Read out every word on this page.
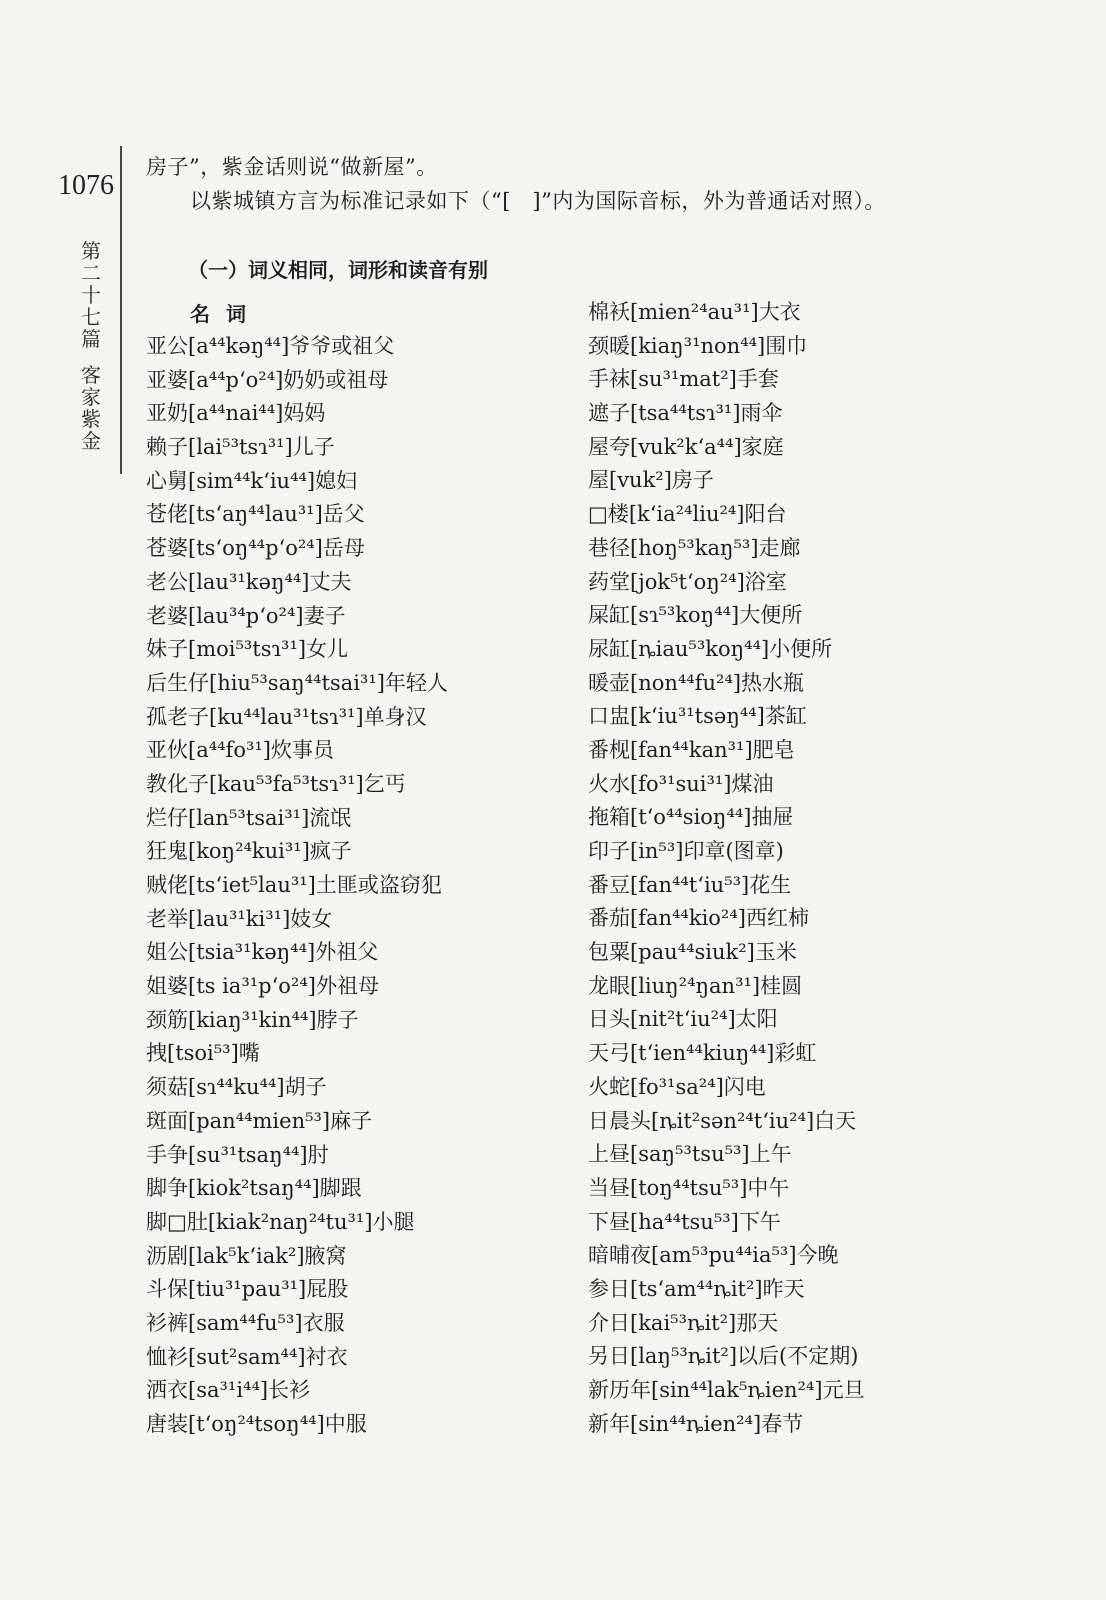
1076
第
二
十
七
篇
客
家
紫
金
房子”，紫金话则说“做新屋”。
以紫城镇方言为标准记录如下（“[　]”内为国际音标，外为普通话对照）。
（一）词义相同，词形和读音有别
名词
亚公[a⁴⁴kəŋ⁴⁴]爷爷或祖父
亚婆[a⁴⁴p‘o²⁴]奶奶或祖母
亚奶[a⁴⁴nai⁴⁴]妈妈
赖子[lai⁵³tsɿ³¹]儿子
心舅[sim⁴⁴k‘iu⁴⁴]媳妇
苍佬[ts‘aŋ⁴⁴lau³¹]岳父
苍婆[ts‘oŋ⁴⁴p‘o²⁴]岳母
老公[lau³¹kəŋ⁴⁴]丈夫
老婆[lau³⁴p‘o²⁴]妻子
妹子[moi⁵³tsɿ³¹]女儿
后生仔[hiu⁵³saŋ⁴⁴tsai³¹]年轻人
孤老子[ku⁴⁴lau³¹tsɿ³¹]单身汉
亚伙[a⁴⁴fo³¹]炊事员
教化子[kau⁵³fa⁵³tsɿ³¹]乞丐
烂仔[lan⁵³tsai³¹]流氓
狂鬼[koŋ²⁴kui³¹]疯子
贼佬[ts‘iet⁵lau³¹]土匪或盗窃犯
老举[lau³¹ki³¹]妓女
姐公[tsia³¹kəŋ⁴⁴]外祖父
姐婆[ts ia³¹p‘o²⁴]外祖母
颈筋[kiaŋ³¹kin⁴⁴]脖子
拽[tsoi⁵³]嘴
须菇[sɿ⁴⁴ku⁴⁴]胡子
斑面[pan⁴⁴mien⁵³]麻子
手争[su³¹tsaŋ⁴⁴]肘
脚争[kiok²tsaŋ⁴⁴]脚跟
脚□肚[kiak²naŋ²⁴tu³¹]小腿
沥剧[lak⁵k‘iak²]腋窝
斗保[tiu³¹pau³¹]屁股
衫裤[sam⁴⁴fu⁵³]衣服
恤衫[sut²sam⁴⁴]衬衣
洒衣[sa³¹i⁴⁴]长衫
唐装[t‘oŋ²⁴tsoŋ⁴⁴]中服
棉袄[mien²⁴au³¹]大衣
颈暖[kiaŋ³¹non⁴⁴]围巾
手袜[su³¹mat²]手套
遮子[tsa⁴⁴tsɿ³¹]雨伞
屋夸[vuk²k‘a⁴⁴]家庭
屋[vuk²]房子
□楼[k‘ia²⁴liu²⁴]阳台
巷径[hoŋ⁵³kaŋ⁵³]走廊
药堂[jok⁵t‘oŋ²⁴]浴室
屎缸[sɿ⁵³koŋ⁴⁴]大便所
尿缸[ȵiau⁵³koŋ⁴⁴]小便所
暖壶[non⁴⁴fu²⁴]热水瓶
口盅[k‘iu³¹tsəŋ⁴⁴]茶缸
番枧[fan⁴⁴kan³¹]肥皂
火水[fo³¹sui³¹]煤油
拖箱[t‘o⁴⁴sioŋ⁴⁴]抽屉
印子[in⁵³]印章(图章)
番豆[fan⁴⁴t‘iu⁵³]花生
番茄[fan⁴⁴kio²⁴]西红柿
包粟[pau⁴⁴siuk²]玉米
龙眼[liuŋ²⁴ŋan³¹]桂圆
日头[nit²t‘iu²⁴]太阳
天弓[t‘ien⁴⁴kiuŋ⁴⁴]彩虹
火蛇[fo³¹sa²⁴]闪电
日晨头[ȵit²sən²⁴t‘iu²⁴]白天
上昼[saŋ⁵³tsu⁵³]上午
当昼[toŋ⁴⁴tsu⁵³]中午
下昼[ha⁴⁴tsu⁵³]下午
暗晡夜[am⁵³pu⁴⁴ia⁵³]今晚
参日[ts‘am⁴⁴ȵit²]昨天
介日[kai⁵³ȵit²]那天
另日[laŋ⁵³ȵit²]以后(不定期)
新历年[sin⁴⁴lak⁵ȵien²⁴]元旦
新年[sin⁴⁴ȵien²⁴]春节
